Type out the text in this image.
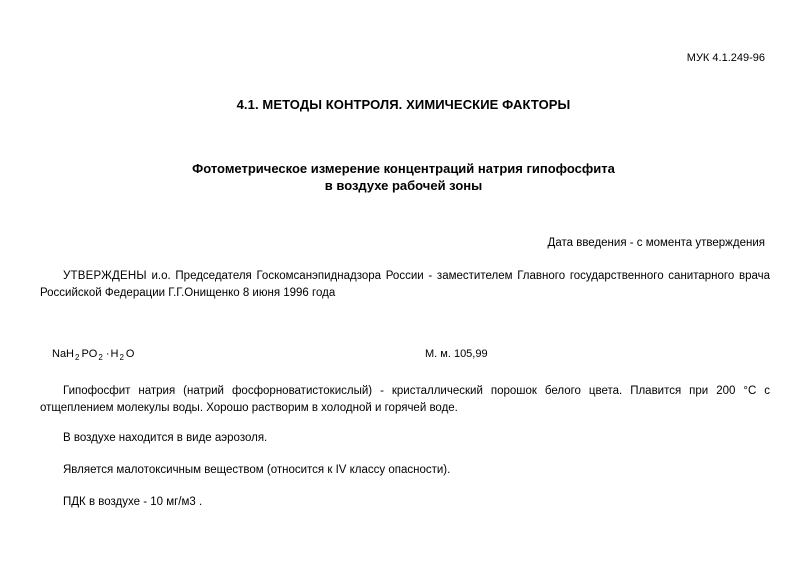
МУК 4.1.249-96
4.1. МЕТОДЫ КОНТРОЛЯ. ХИМИЧЕСКИЕ ФАКТОРЫ
Фотометрическое измерение концентраций натрия гипофосфита
в воздухе рабочей зоны
Дата введения - с момента утверждения
УТВЕРЖДЕНЫ и.о. Председателя Госкомсанэпиднадзора России - заместителем Главного государственного санитарного врача Российской Федерации Г.Г.Онищенко 8 июня 1996 года
NaH$_2$ $PO_2 \cdot H_2$ O	М. м. 105,99
Гипофосфит натрия (натрий фосфорноватистокислый) - кристаллический порошок белого цвета. Плавится при 200 °С с отщеплением молекулы воды. Хорошо растворим в холодной и горячей воде.
В воздухе находится в виде аэрозоля.
Является малотоксичным веществом (относится к IV классу опасности).
ПДК в воздухе - 10 мг/м3 .
